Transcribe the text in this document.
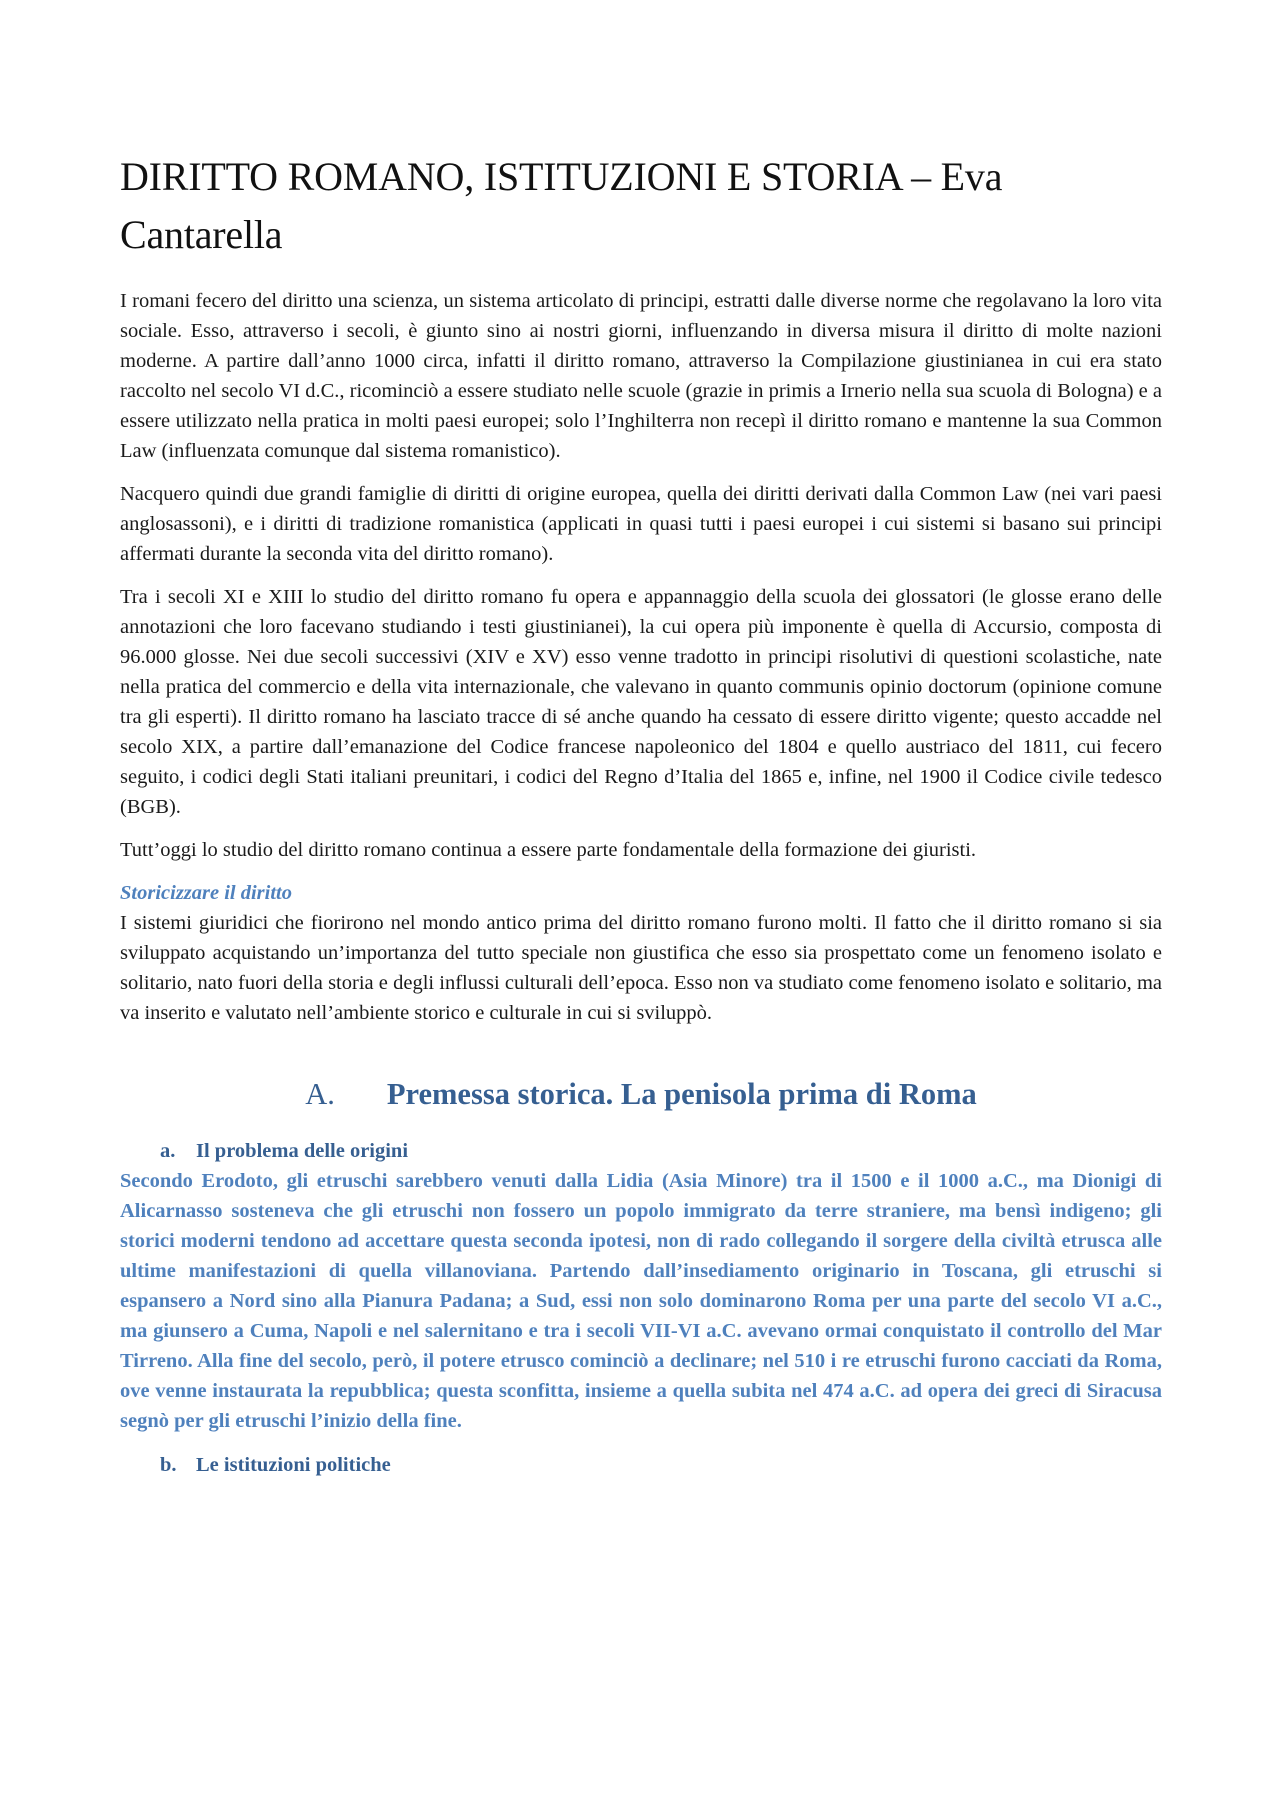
DIRITTO ROMANO, ISTITUZIONI E STORIA – Eva Cantarella

I romani fecero del diritto una scienza, un sistema articolato di principi, estratti dalle diverse norme che regolavano la loro vita sociale. Esso, attraverso i secoli, è giunto sino ai nostri giorni, influenzando in diversa misura il diritto di molte nazioni moderne. A partire dall’anno 1000 circa, infatti il diritto romano, attraverso la Compilazione giustinianea in cui era stato raccolto nel secolo VI d.C., ricominciò a essere studiato nelle scuole (grazie in primis a Irnerio nella sua scuola di Bologna) e a essere utilizzato nella pratica in molti paesi europei; solo l’Inghilterra non recepì il diritto romano e mantenne la sua Common Law (influenzata comunque dal sistema romanistico).

Nacquero quindi due grandi famiglie di diritti di origine europea, quella dei diritti derivati dalla Common Law (nei vari paesi anglosassoni), e i diritti di tradizione romanistica (applicati in quasi tutti i paesi europei i cui sistemi si basano sui principi affermati durante la seconda vita del diritto romano).

Tra i secoli XI e XIII lo studio del diritto romano fu opera e appannaggio della scuola dei glossatori (le glosse erano delle annotazioni che loro facevano studiando i testi giustinianei), la cui opera più imponente è quella di Accursio, composta di 96.000 glosse. Nei due secoli successivi (XIV e XV) esso venne tradotto in principi risolutivi di questioni scolastiche, nate nella pratica del commercio e della vita internazionale, che valevano in quanto communis opinio doctorum (opinione comune tra gli esperti). Il diritto romano ha lasciato tracce di sé anche quando ha cessato di essere diritto vigente; questo accadde nel secolo XIX, a partire dall’emanazione del Codice francese napoleonico del 1804 e quello austriaco del 1811, cui fecero seguito, i codici degli Stati italiani preunitari, i codici del Regno d’Italia del 1865 e, infine, nel 1900 il Codice civile tedesco (BGB).

Tutt’oggi lo studio del diritto romano continua a essere parte fondamentale della formazione dei giuristi.

Storicizzare il diritto

I sistemi giuridici che fiorirono nel mondo antico prima del diritto romano furono molti. Il fatto che il diritto romano si sia sviluppato acquistando un’importanza del tutto speciale non giustifica che esso sia prospettato come un fenomeno isolato e solitario, nato fuori della storia e degli influssi culturali dell’epoca. Esso non va studiato come fenomeno isolato e solitario, ma va inserito e valutato nell’ambiente storico e culturale in cui si sviluppò.

A. Premessa storica. La penisola prima di Roma

a. Il problema delle origini

Secondo Erodoto, gli etruschi sarebbero venuti dalla Lidia (Asia Minore) tra il 1500 e il 1000 a.C., ma Dionigi di Alicarnasso sosteneva che gli etruschi non fossero un popolo immigrato da terre straniere, ma bensì indigeno; gli storici moderni tendono ad accettare questa seconda ipotesi, non di rado collegando il sorgere della civiltà etrusca alle ultime manifestazioni di quella villanoviana. Partendo dall’insediamento originario in Toscana, gli etruschi si espansero a Nord sino alla Pianura Padana; a Sud, essi non solo dominarono Roma per una parte del secolo VI a.C., ma giunsero a Cuma, Napoli e nel salernitano e tra i secoli VII-VI a.C. avevano ormai conquistato il controllo del Mar Tirreno. Alla fine del secolo, però, il potere etrusco cominciò a declinare; nel 510 i re etruschi furono cacciati da Roma, ove venne instaurata la repubblica; questa sconfitta, insieme a quella subita nel 474 a.C. ad opera dei greci di Siracusa segnò per gli etruschi l’inizio della fine.

b. Le istituzioni politiche
